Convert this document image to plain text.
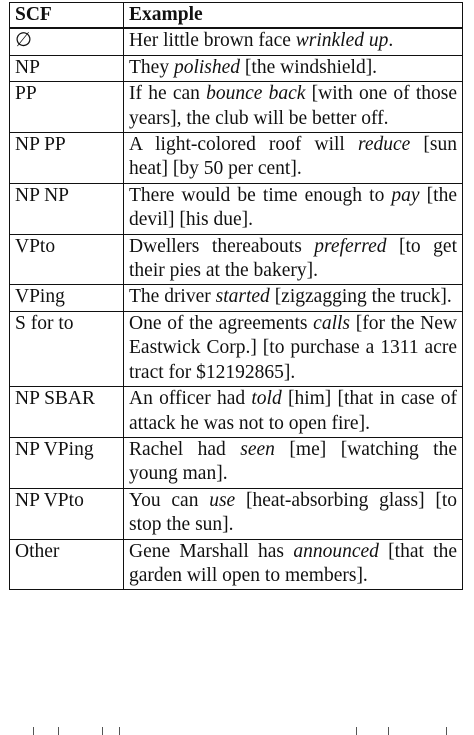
SCF	Example
∅	Her little brown face wrinkled up.
NP	They polished [the windshield].
PP	If he can bounce back [with one of those years], the club will be better off.
NP PP	A light-colored roof will reduce [sun heat] [by 50 per cent].
NP NP	There would be time enough to pay [the devil] [his due].
VPto	Dwellers thereabouts preferred [to get their pies at the bakery].
VPing	The driver started [zigzagging the truck].
S for to	One of the agreements calls [for the New Eastwick Corp.] [to purchase a 1311 acre tract for $12192865].
NP SBAR	An officer had told [him] [that in case of attack he was not to open fire].
NP VPing	Rachel had seen [me] [watching the young man].
NP VPto	You can use [heat-absorbing glass] [to stop the sun].
Other	Gene Marshall has announced [that the garden will open to members].
